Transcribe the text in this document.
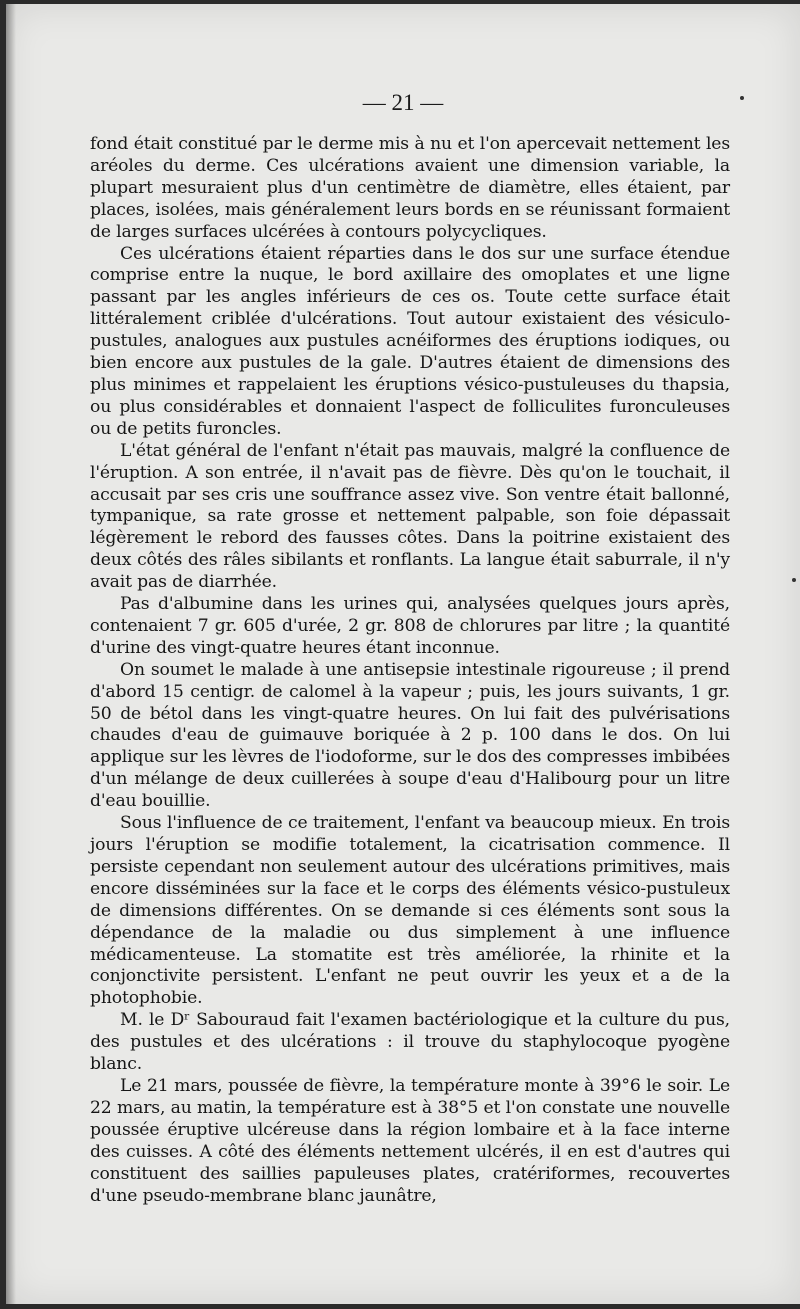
— 21 —

fond était constitué par le derme mis à nu et l'on apercevait nettement les aréoles du derme. Ces ulcérations avaient une dimension variable, la plupart mesuraient plus d'un centimètre de diamètre, elles étaient, par places, isolées, mais généralement leurs bords en se réunissant formaient de larges surfaces ulcérées à contours polycycliques.

Ces ulcérations étaient réparties dans le dos sur une surface étendue comprise entre la nuque, le bord axillaire des omoplates et une ligne passant par les angles inférieurs de ces os. Toute cette surface était littéralement criblée d'ulcérations. Tout autour existaient des vésiculo-pustules, analogues aux pustules acnéiformes des éruptions iodiques, ou bien encore aux pustules de la gale. D'autres étaient de dimensions des plus minimes et rappelaient les éruptions vésico-pustuleuses du thapsia, ou plus considérables et donnaient l'aspect de folliculites furonculeuses ou de petits furoncles.

L'état général de l'enfant n'était pas mauvais, malgré la confluence de l'éruption. A son entrée, il n'avait pas de fièvre. Dès qu'on le touchait, il accusait par ses cris une souffrance assez vive. Son ventre était ballonné, tympanique, sa rate grosse et nettement palpable, son foie dépassait légèrement le rebord des fausses côtes. Dans la poitrine existaient des deux côtés des râles sibilants et ronflants. La langue était saburrale, il n'y avait pas de diarrhée.

Pas d'albumine dans les urines qui, analysées quelques jours après, contenaient 7 gr. 605 d'urée, 2 gr. 808 de chlorures par litre ; la quantité d'urine des vingt-quatre heures étant inconnue.

On soumet le malade à une antisepsie intestinale rigoureuse ; il prend d'abord 15 centigr. de calomel à la vapeur ; puis, les jours suivants, 1 gr. 50 de bétol dans les vingt-quatre heures. On lui fait des pulvérisations chaudes d'eau de guimauve boriquée à 2 p. 100 dans le dos. On lui applique sur les lèvres de l'iodoforme, sur le dos des compresses imbibées d'un mélange de deux cuillerées à soupe d'eau d'Halibourg pour un litre d'eau bouillie.

Sous l'influence de ce traitement, l'enfant va beaucoup mieux. En trois jours l'éruption se modifie totalement, la cicatrisation commence. Il persiste cependant non seulement autour des ulcérations primitives, mais encore disséminées sur la face et le corps des éléments vésico-pustuleux de dimensions différentes. On se demande si ces éléments sont sous la dépendance de la maladie ou dus simplement à une influence médicamenteuse. La stomatite est très améliorée, la rhinite et la conjonctivite persistent. L'enfant ne peut ouvrir les yeux et a de la photophobie.

M. le Dʳ Sabouraud fait l'examen bactériologique et la culture du pus, des pustules et des ulcérations : il trouve du staphylocoque pyogène blanc.

Le 21 mars, poussée de fièvre, la température monte à 39°6 le soir. Le 22 mars, au matin, la température est à 38°5 et l'on constate une nouvelle poussée éruptive ulcéreuse dans la région lombaire et à la face interne des cuisses. A côté des éléments nettement ulcérés, il en est d'autres qui constituent des saillies papuleuses plates, cratériformes, recouvertes d'une pseudo-membrane blanc jaunâtre,
